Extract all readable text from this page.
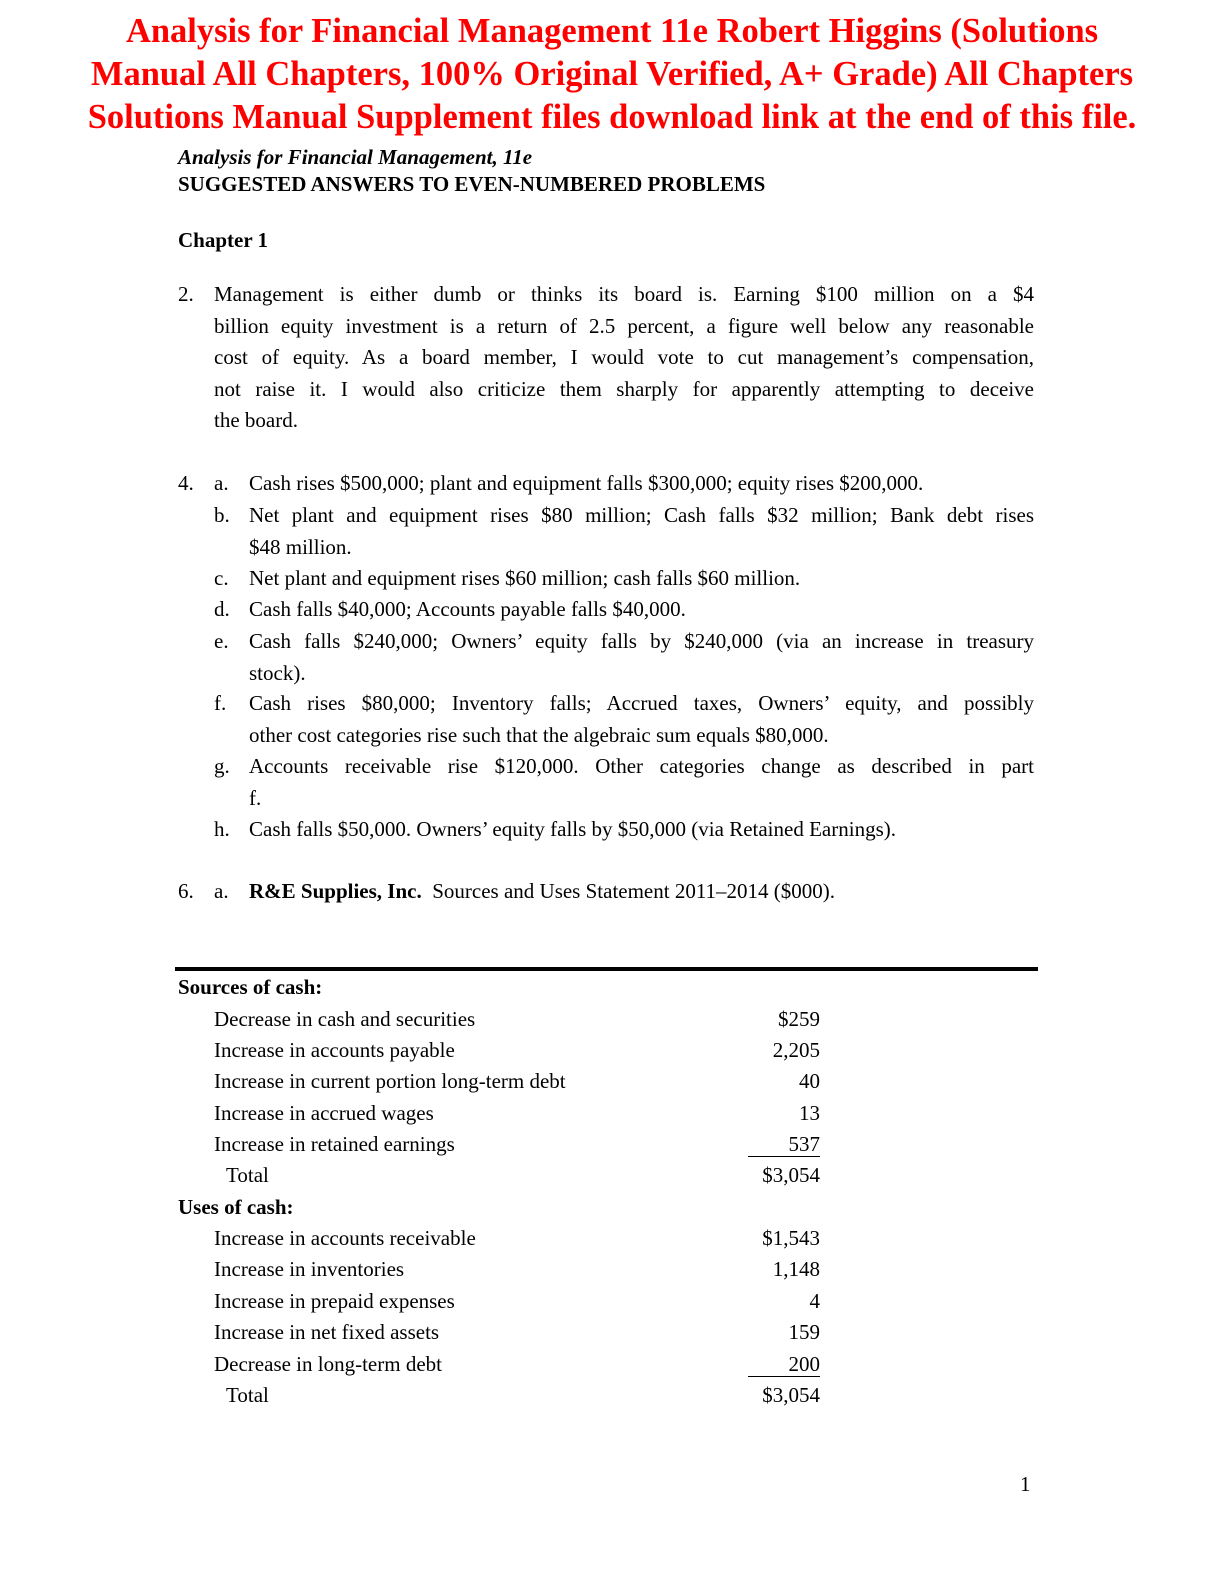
Analysis for Financial Management 11e Robert Higgins (Solutions
Manual All Chapters, 100% Original Verified, A+ Grade) All Chapters
Solutions Manual Supplement files download link at the end of this file.
Analysis for Financial Management, 11e
SUGGESTED ANSWERS TO EVEN-NUMBERED PROBLEMS
Chapter 1
2. Management is either dumb or thinks its board is. Earning $100 million on a $4
billion equity investment is a return of 2.5 percent, a figure well below any reasonable
cost of equity. As a board member, I would vote to cut management’s compensation,
not raise it. I would also criticize them sharply for apparently attempting to deceive
the board.
4. a. Cash rises $500,000; plant and equipment falls $300,000; equity rises $200,000.
b. Net plant and equipment rises $80 million; Cash falls $32 million; Bank debt rises
$48 million.
c. Net plant and equipment rises $60 million; cash falls $60 million.
d. Cash falls $40,000; Accounts payable falls $40,000.
e. Cash falls $240,000; Owners’ equity falls by $240,000 (via an increase in treasury
stock).
f. Cash rises $80,000; Inventory falls; Accrued taxes, Owners’ equity, and possibly
other cost categories rise such that the algebraic sum equals $80,000.
g. Accounts receivable rise $120,000. Other categories change as described in part
f.
h. Cash falls $50,000. Owners’ equity falls by $50,000 (via Retained Earnings).
6. a. R&E Supplies, Inc. Sources and Uses Statement 2011–2014 ($000).
Sources of cash:
Decrease in cash and securities	$259
Increase in accounts payable	2,205
Increase in current portion long-term debt	40
Increase in accrued wages	13
Increase in retained earnings	537
Total	$3,054
Uses of cash:
Increase in accounts receivable	$1,543
Increase in inventories	1,148
Increase in prepaid expenses	4
Increase in net fixed assets	159
Decrease in long-term debt	200
Total	$3,054
1
